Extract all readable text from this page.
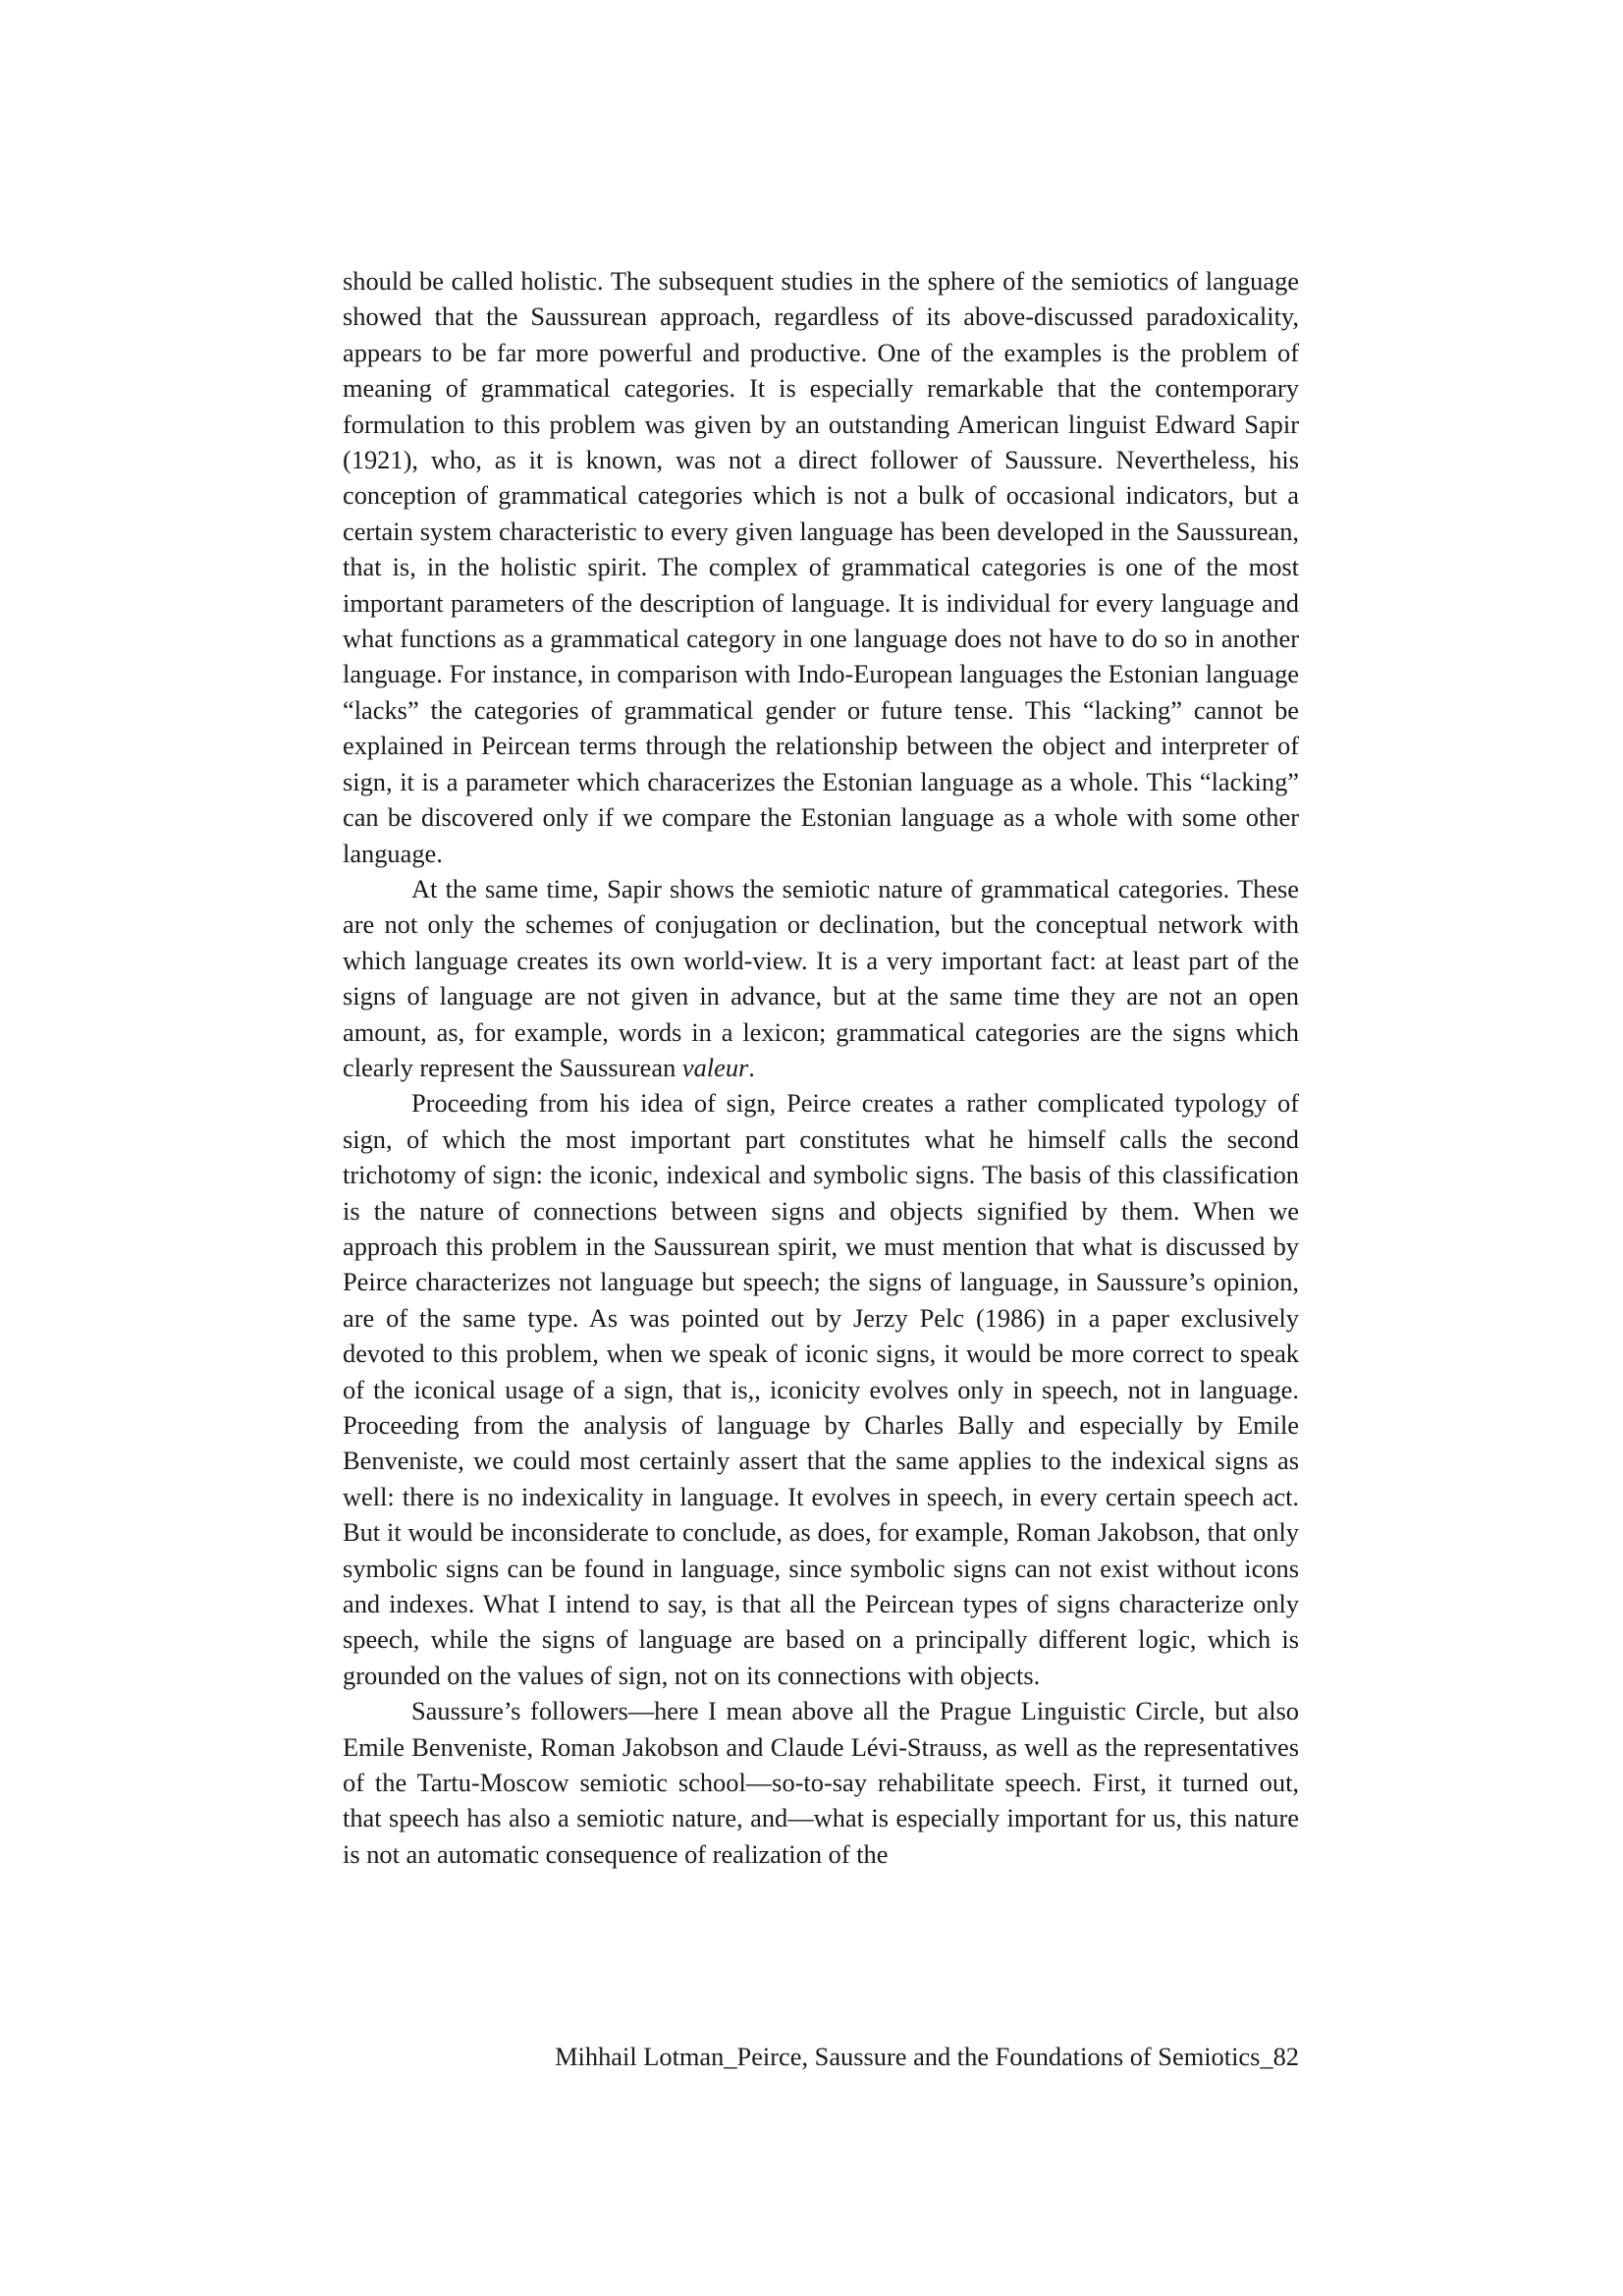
should be called holistic. The subsequent studies in the sphere of the semiotics of language showed that the Saussurean approach, regardless of its above-discussed paradoxicality, appears to be far more powerful and productive. One of the examples is the problem of meaning of grammatical categories. It is especially remarkable that the contemporary formulation to this problem was given by an outstanding American linguist Edward Sapir (1921), who, as it is known, was not a direct follower of Saussure. Nevertheless, his conception of grammatical categories which is not a bulk of occasional indicators, but a certain system characteristic to every given language has been developed in the Saussurean, that is, in the holistic spirit. The complex of grammatical categories is one of the most important parameters of the description of language. It is individual for every language and what functions as a grammatical category in one language does not have to do so in another language. For instance, in comparison with Indo-European languages the Estonian language “lacks” the categories of grammatical gender or future tense. This “lacking” cannot be explained in Peircean terms through the relationship between the object and interpreter of sign, it is a parameter which characerizes the Estonian language as a whole. This “lacking” can be discovered only if we compare the Estonian language as a whole with some other language.

At the same time, Sapir shows the semiotic nature of grammatical categories. These are not only the schemes of conjugation or declination, but the conceptual network with which language creates its own world-view. It is a very important fact: at least part of the signs of language are not given in advance, but at the same time they are not an open amount, as, for example, words in a lexicon; grammatical categories are the signs which clearly represent the Saussurean valeur.

Proceeding from his idea of sign, Peirce creates a rather complicated typology of sign, of which the most important part constitutes what he himself calls the second trichotomy of sign: the iconic, indexical and symbolic signs. The basis of this classification is the nature of connections between signs and objects signified by them. When we approach this problem in the Saussurean spirit, we must mention that what is discussed by Peirce characterizes not language but speech; the signs of language, in Saussure’s opinion, are of the same type. As was pointed out by Jerzy Pelc (1986) in a paper exclusively devoted to this problem, when we speak of iconic signs, it would be more correct to speak of the iconical usage of a sign, that is,, iconicity evolves only in speech, not in language. Proceeding from the analysis of language by Charles Bally and especially by Emile Benveniste, we could most certainly assert that the same applies to the indexical signs as well: there is no indexicality in language. It evolves in speech, in every certain speech act. But it would be inconsiderate to conclude, as does, for example, Roman Jakobson, that only symbolic signs can be found in language, since symbolic signs can not exist without icons and indexes. What I intend to say, is that all the Peircean types of signs characterize only speech, while the signs of language are based on a principally different logic, which is grounded on the values of sign, not on its connections with objects.

Saussure’s followers—here I mean above all the Prague Linguistic Circle, but also Emile Benveniste, Roman Jakobson and Claude Lévi-Strauss, as well as the representatives of the Tartu-Moscow semiotic school—so-to-say rehabilitate speech. First, it turned out, that speech has also a semiotic nature, and—what is especially important for us, this nature is not an automatic consequence of realization of the

Mihhail Lotman_Peirce, Saussure and the Foundations of Semiotics_82
